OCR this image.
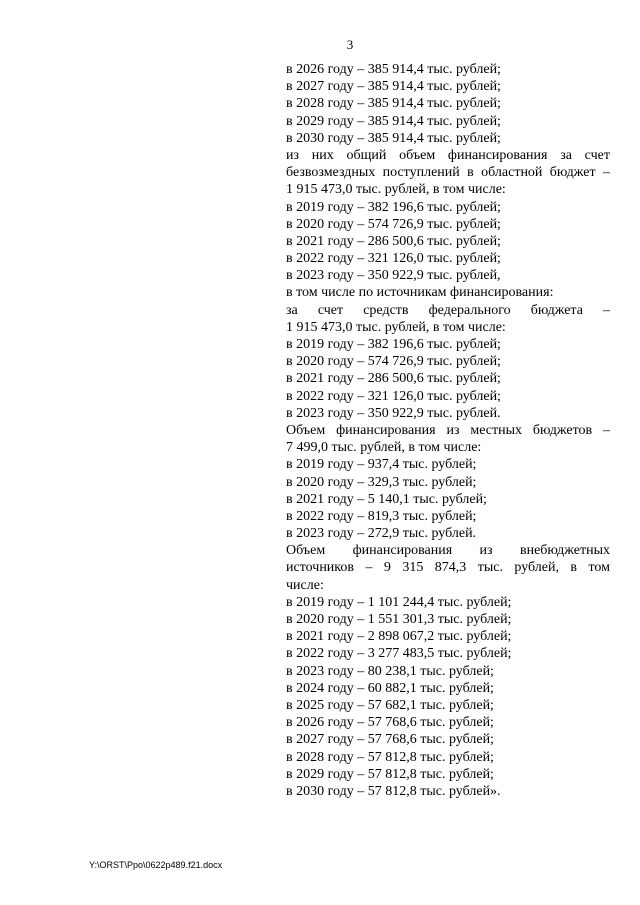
3
в 2026 году – 385 914,4 тыс. рублей;
в 2027 году – 385 914,4 тыс. рублей;
в 2028 году – 385 914,4 тыс. рублей;
в 2029 году – 385 914,4 тыс. рублей;
в 2030 году – 385 914,4 тыс. рублей;
из них общий объем финансирования за счет
безвозмездных поступлений в областной бюджет –
1 915 473,0 тыс. рублей, в том числе:
в 2019 году – 382 196,6 тыс. рублей;
в 2020 году – 574 726,9 тыс. рублей;
в 2021 году – 286 500,6 тыс. рублей;
в 2022 году – 321 126,0 тыс. рублей;
в 2023 году – 350 922,9 тыс. рублей,
в том числе по источникам финансирования:
за счет средств федерального бюджета –
1 915 473,0 тыс. рублей, в том числе:
в 2019 году – 382 196,6 тыс. рублей;
в 2020 году – 574 726,9 тыс. рублей;
в 2021 году – 286 500,6 тыс. рублей;
в 2022 году – 321 126,0 тыс. рублей;
в 2023 году – 350 922,9 тыс. рублей.
Объем финансирования из местных бюджетов –
7 499,0 тыс. рублей, в том числе:
в 2019 году – 937,4 тыс. рублей;
в 2020 году – 329,3 тыс. рублей;
в 2021 году – 5 140,1 тыс. рублей;
в 2022 году – 819,3 тыс. рублей;
в 2023 году – 272,9 тыс. рублей.
Объем финансирования из внебюджетных
источников – 9 315 874,3 тыс. рублей, в том
числе:
в 2019 году – 1 101 244,4 тыс. рублей;
в 2020 году – 1 551 301,3 тыс. рублей;
в 2021 году – 2 898 067,2 тыс. рублей;
в 2022 году – 3 277 483,5 тыс. рублей;
в 2023 году – 80 238,1 тыс. рублей;
в 2024 году – 60 882,1 тыс. рублей;
в 2025 году – 57 682,1 тыс. рублей;
в 2026 году – 57 768,6 тыс. рублей;
в 2027 году – 57 768,6 тыс. рублей;
в 2028 году – 57 812,8 тыс. рублей;
в 2029 году – 57 812,8 тыс. рублей;
в 2030 году – 57 812,8 тыс. рублей».
Y:\ORST\Ppo\0622p489.f21.docx
